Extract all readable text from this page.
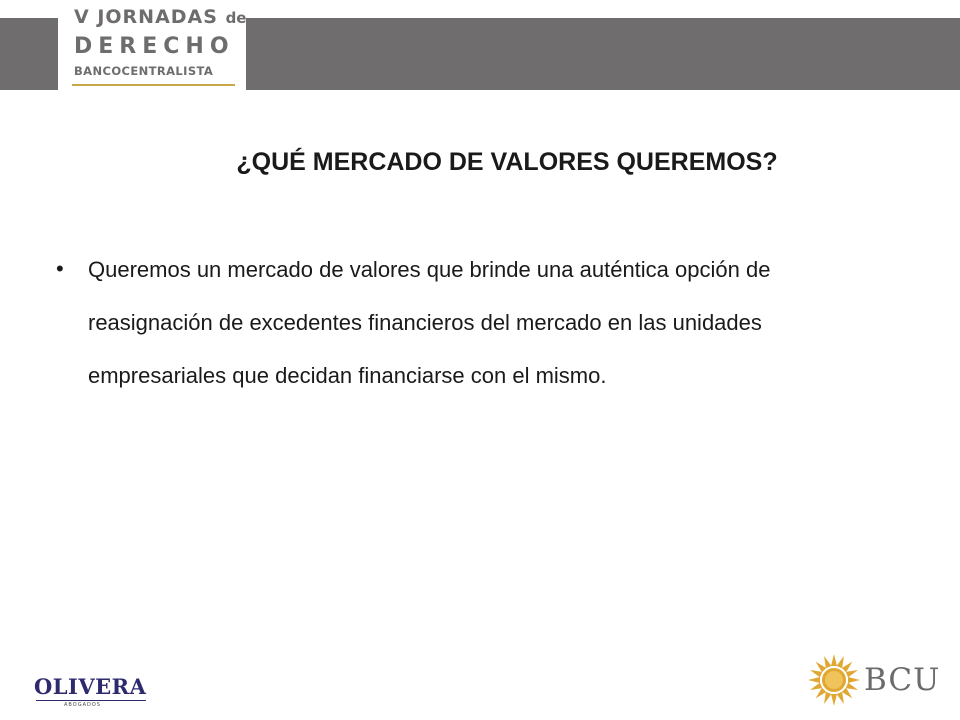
V JORNADAS de
DERECHO
BANCOCENTRALISTA
¿QUÉ MERCADO DE VALORES QUEREMOS?
• Queremos un mercado de valores que brinde una auténtica opción de reasignación de excedentes financieros del mercado en las unidades empresariales que decidan financiarse con el mismo.
OLIVERA
ABOGADOS
BCU
